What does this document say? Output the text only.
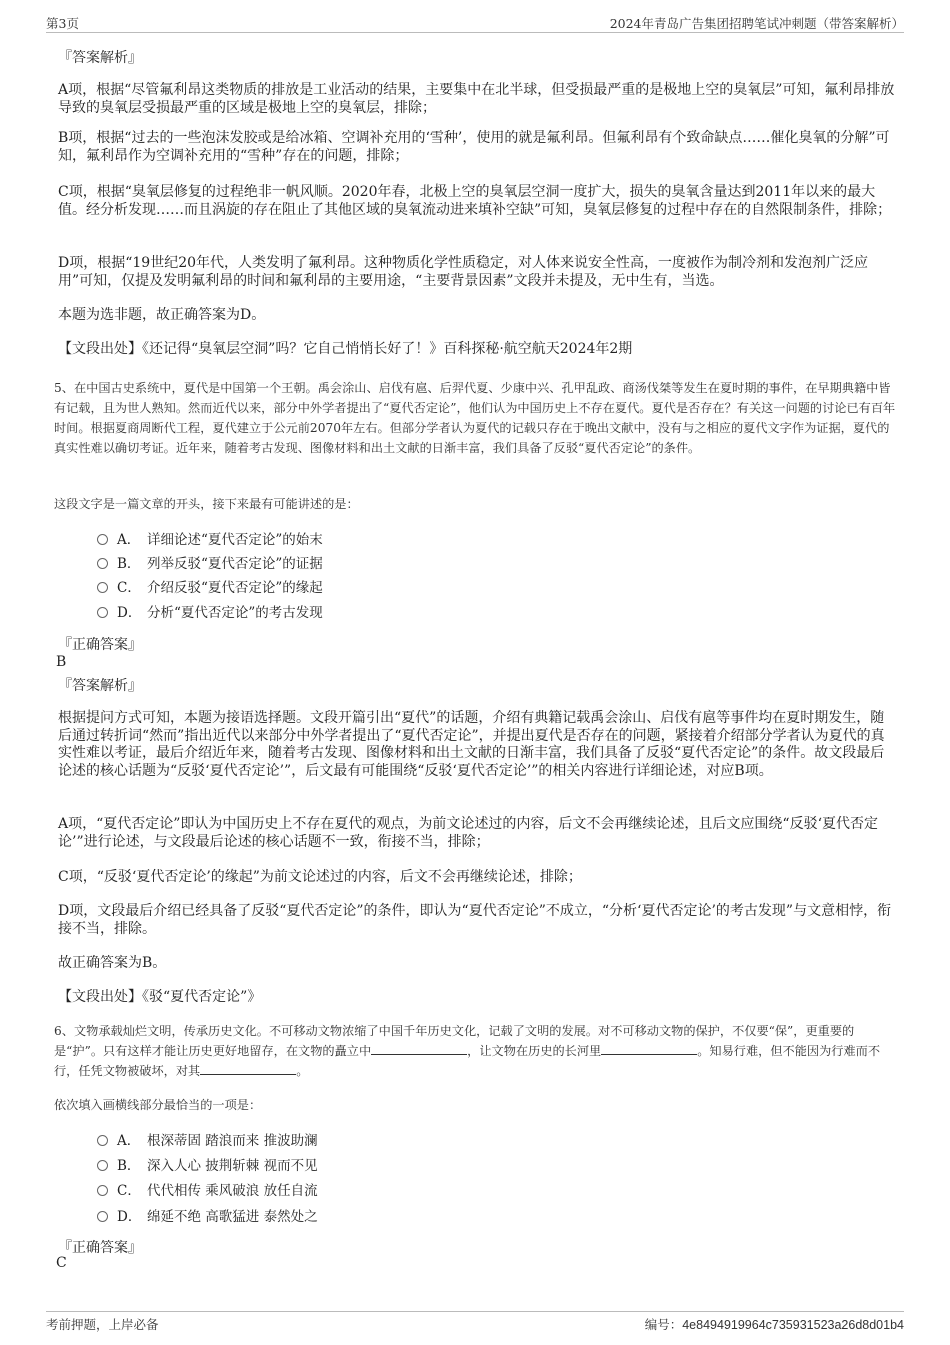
第3页	2024年青岛广告集团招聘笔试冲刺题（带答案解析）
『答案解析』
A项，根据“尽管氟利昂这类物质的排放是工业活动的结果，主要集中在北半球，但受损最严重的是极地上空的臭氧层”可知，氟利昂排放导致的臭氧层受损最严重的区域是极地上空的臭氧层，排除；
B项，根据“过去的一些泡沫发胶或是给冰箱、空调补充用的‘雪种’，使用的就是氟利昂。但氟利昂有个致命缺点……催化臭氧的分解”可知，氟利昂作为空调补充用的“雪种”存在的问题，排除；
C项，根据“臭氧层修复的过程绝非一帆风顺。2020年春，北极上空的臭氧层空洞一度扩大，损失的臭氧含量达到2011年以来的最大值。经分析发现……而且涡旋的存在阻止了其他区域的臭氧流动进来填补空缺”可知，臭氧层修复的过程中存在的自然限制条件，排除；
D项，根据“19世纪20年代，人类发明了氟利昂。这种物质化学性质稳定，对人体来说安全性高，一度被作为制冷剂和发泡剂广泛应用”可知，仅提及发明氟利昂的时间和氟利昂的主要用途，“主要背景因素”文段并未提及，无中生有，当选。
本题为选非题，故正确答案为D。
【文段出处】《还记得“臭氧层空洞”吗？它自己悄悄长好了！》百科探秘·航空航天2024年2期
5、在中国古史系统中，夏代是中国第一个王朝。禹会涂山、启伐有扈、后羿代夏、少康中兴、孔甲乱政、商汤伐桀等发生在夏时期的事件，在早期典籍中皆有记载，且为世人熟知。然而近代以来，部分中外学者提出了“夏代否定论”，他们认为中国历史上不存在夏代。夏代是否存在？有关这一问题的讨论已有百年时间。根据夏商周断代工程，夏代建立于公元前2070年左右。但部分学者认为夏代的记载只存在于晚出文献中，没有与之相应的夏代文字作为证据，夏代的真实性难以确切考证。近年来，随着考古发现、图像材料和出土文献的日渐丰富，我们具备了反驳“夏代否定论”的条件。
这段文字是一篇文章的开头，接下来最有可能讲述的是：
A． 详细论述“夏代否定论”的始末
B． 列举反驳“夏代否定论”的证据
C． 介绍反驳“夏代否定论”的缘起
D． 分析“夏代否定论”的考古发现
『正确答案』
B
『答案解析』
根据提问方式可知，本题为接语选择题。文段开篇引出“夏代”的话题，介绍有典籍记载禹会涂山、启伐有扈等事件均在夏时期发生，随后通过转折词“然而”指出近代以来部分中外学者提出了“夏代否定论”，并提出夏代是否存在的问题，紧接着介绍部分学者认为夏代的真实性难以考证，最后介绍近年来，随着考古发现、图像材料和出土文献的日渐丰富，我们具备了反驳“夏代否定论”的条件。故文段最后论述的核心话题为“反驳‘夏代否定论’”，后文最有可能围绕“反驳‘夏代否定论’”的相关内容进行详细论述，对应B项。
A项，“夏代否定论”即认为中国历史上不存在夏代的观点，为前文论述过的内容，后文不会再继续论述，且后文应围绕“反驳‘夏代否定论’”进行论述，与文段最后论述的核心话题不一致，衔接不当，排除；
C项，“反驳‘夏代否定论’的缘起”为前文论述过的内容，后文不会再继续论述，排除；
D项，文段最后介绍已经具备了反驳“夏代否定论”的条件，即认为“夏代否定论”不成立，“分析‘夏代否定论’的考古发现”与文意相悖，衔接不当，排除。
故正确答案为B。
【文段出处】《驳“夏代否定论”》
6、文物承载灿烂文明，传承历史文化。不可移动文物浓缩了中国千年历史文化，记载了文明的发展。对不可移动文物的保护，不仅要“保”，更重要的是“护”。只有这样才能让历史更好地留存，在文物的矗立中	，让文物在历史的长河里	。知易行难，但不能因为行难而不行，任凭文物被破坏，对其	。
依次填入画横线部分最恰当的一项是：
A． 根深蒂固 踏浪而来 推波助澜
B． 深入人心 披荆斩棘 视而不见
C． 代代相传 乘风破浪 放任自流
D． 绵延不绝 高歌猛进 泰然处之
『正确答案』
C
考前押题，上岸必备	编号：4e8494919964c735931523a26d8d01b4
